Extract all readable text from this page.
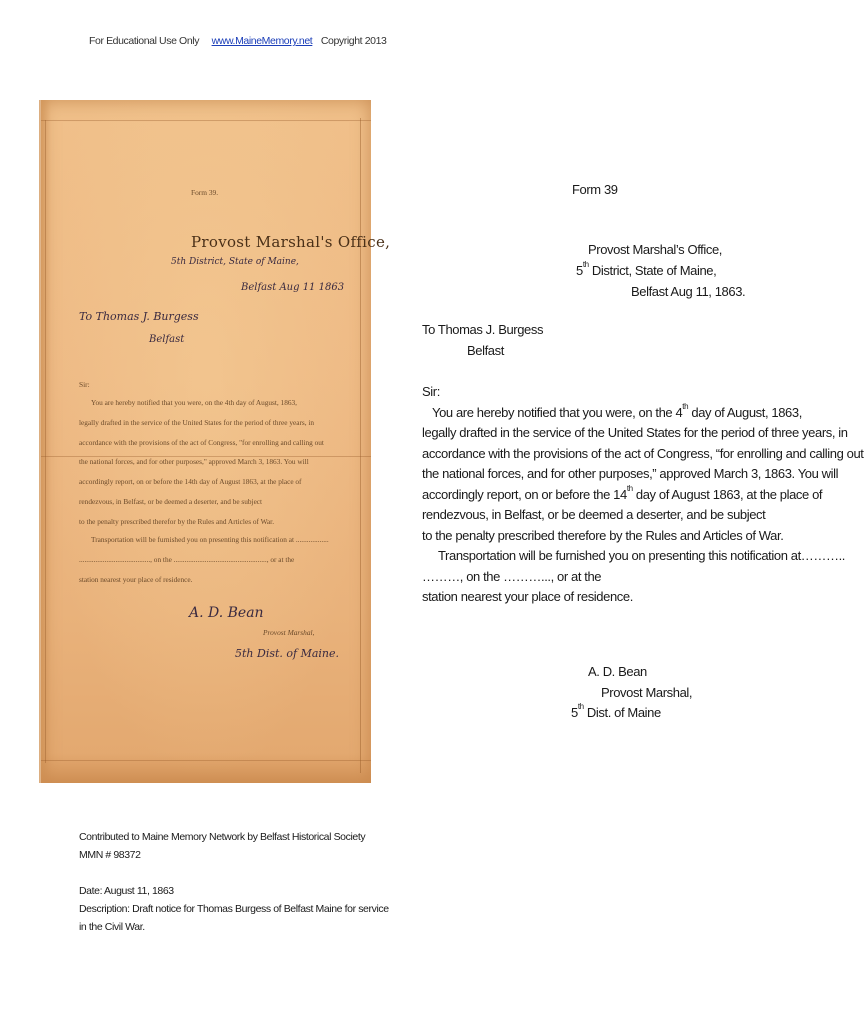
For Educational Use Only www.MaineMemory.net Copyright 2013
Form 39.
Provost Marshal's Office,
5th District, State of Maine,
Belfast Aug 11 1863
To Thomas J. Burgess
Belfast
Sir:
You are hereby notified that you were, on the 4th day of August, 1863,
legally drafted in the service of the United States for the period of three years, in
accordance with the provisions of the act of Congress, "for enrolling and calling out
the national forces, and for other purposes," approved March 3, 1863. You will
accordingly report, on or before the 14th day of August 1863, at the place of
rendezvous, in Belfast, or be deemed a deserter, and be subject
to the penalty prescribed therefor by the Rules and Articles of War.
Transportation will be furnished you on presenting this notification at ..................
......................................., on the ..................................................., or at the
station nearest your place of residence.
A. D. Bean
Provost Marshal,
5th Dist. of Maine.
Form 39
Provost Marshal’s Office,
5th District, State of Maine,
Belfast Aug 11, 1863.
To Thomas J. Burgess
Belfast
Sir:
You are hereby notified that you were, on the 4th day of August, 1863,
legally drafted in the service of the United States for the period of three years, in
accordance with the provisions of the act of Congress, “for enrolling and calling out
the national forces, and for other purposes,” approved March 3, 1863. You will
accordingly report, on or before the 14th day of August 1863, at the place of
rendezvous, in Belfast, or be deemed a deserter, and be subject
to the penalty prescribed therefore by the Rules and Articles of War.
Transportation will be furnished you on presenting this notification at………..
………, on the ………..., or at the
station nearest your place of residence.
A. D. Bean
Provost Marshal,
5th Dist. of Maine
Contributed to Maine Memory Network by Belfast Historical Society
MMN # 98372
Date: August 11, 1863
Description: Draft notice for Thomas Burgess of Belfast Maine for service
in the Civil War.
